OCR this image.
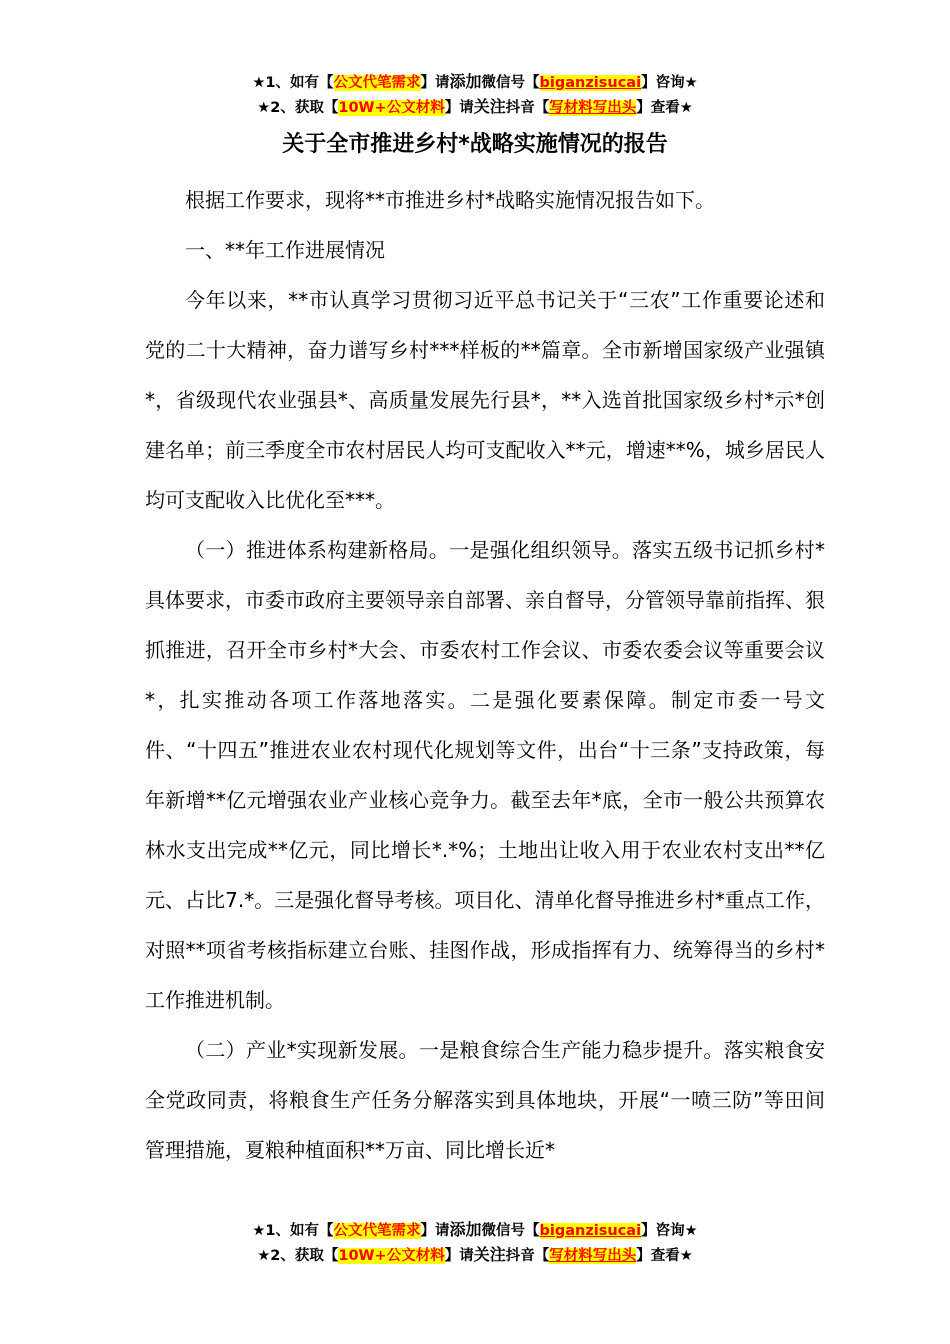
★1、如有【公文代笔需求】请添加微信号【biganzisucai】咨询★
★2、获取【10W+公文材料】请关注抖音【写材料写出头】查看★
关于全市推进乡村*战略实施情况的报告

根据工作要求，现将**市推进乡村*战略实施情况报告如下。

一、**年工作进展情况

今年以来，**市认真学习贯彻习近平总书记关于“三农”工作重要论述和党的二十大精神，奋力谱写乡村***样板的**篇章。全市新增国家级产业强镇*，省级现代农业强县*、高质量发展先行县*，**入选首批国家级乡村*示*创建名单；前三季度全市农村居民人均可支配收入**元，增速**%，城乡居民人均可支配收入比优化至***。

（一）推进体系构建新格局。一是强化组织领导。落实五级书记抓乡村*具体要求，市委市政府主要领导亲自部署、亲自督导，分管领导靠前指挥、狠抓推进，召开全市乡村*大会、市委农村工作会议、市委农委会议等重要会议*，扎实推动各项工作落地落实。二是强化要素保障。制定市委一号文件、“十四五”推进农业农村现代化规划等文件，出台“十三条”支持政策，每年新增**亿元增强农业产业核心竞争力。截至去年*底，全市一般公共预算农林水支出完成**亿元，同比增长*.*%；土地出让收入用于农业农村支出**亿元、占比7.*。三是强化督导考核。项目化、清单化督导推进乡村*重点工作，对照**项省考核指标建立台账、挂图作战，形成指挥有力、统筹得当的乡村*工作推进机制。

（二）产业*实现新发展。一是粮食综合生产能力稳步提升。落实粮食安全党政同责，将粮食生产任务分解落实到具体地块，开展“一喷三防”等田间管理措施，夏粮种植面积**万亩、同比增长近*

★1、如有【公文代笔需求】请添加微信号【biganzisucai】咨询★
★2、获取【10W+公文材料】请关注抖音【写材料写出头】查看★
